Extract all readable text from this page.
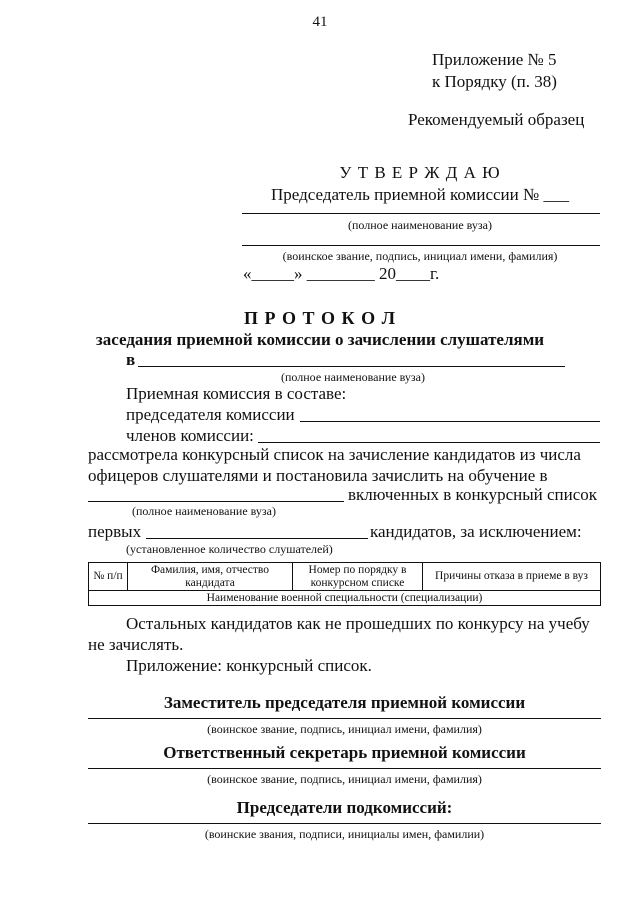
41
Приложение № 5
к Порядку (п. 38)
Рекомендуемый образец
У Т В Е Р Ж Д А Ю
Председатель приемной комиссии № ___
(полное наименование вуза)
(воинское звание, подпись, инициал имени, фамилия)
«_____» ________ 20____г.
П Р О Т О К О Л
заседания приемной комиссии о зачислении слушателями
в
(полное наименование вуза)
Приемная комиссия в составе:
председателя комиссии
членов комиссии:
рассмотрела конкурсный список на зачисление кандидатов из числа
офицеров слушателями и постановила зачислить на обучение в
включенных в конкурсный список
(полное наименование вуза)
первых	кандидатов, за исключением:
(установленное количество слушателей)
№ п/п	Фамилия, имя, отчество кандидата	Номер по порядку в конкурсном списке	Причины отказа в приеме в вуз
Наименование военной специальности (специализации)
Остальных кандидатов как не прошедших по конкурсу на учебу
не зачислять.
Приложение: конкурсный список.
Заместитель председателя приемной комиссии
(воинское звание, подпись, инициал имени, фамилия)
Ответственный секретарь приемной комиссии
(воинское звание, подпись, инициал имени, фамилия)
Председатели подкомиссий:
(воинские звания, подписи, инициалы имен, фамилии)
